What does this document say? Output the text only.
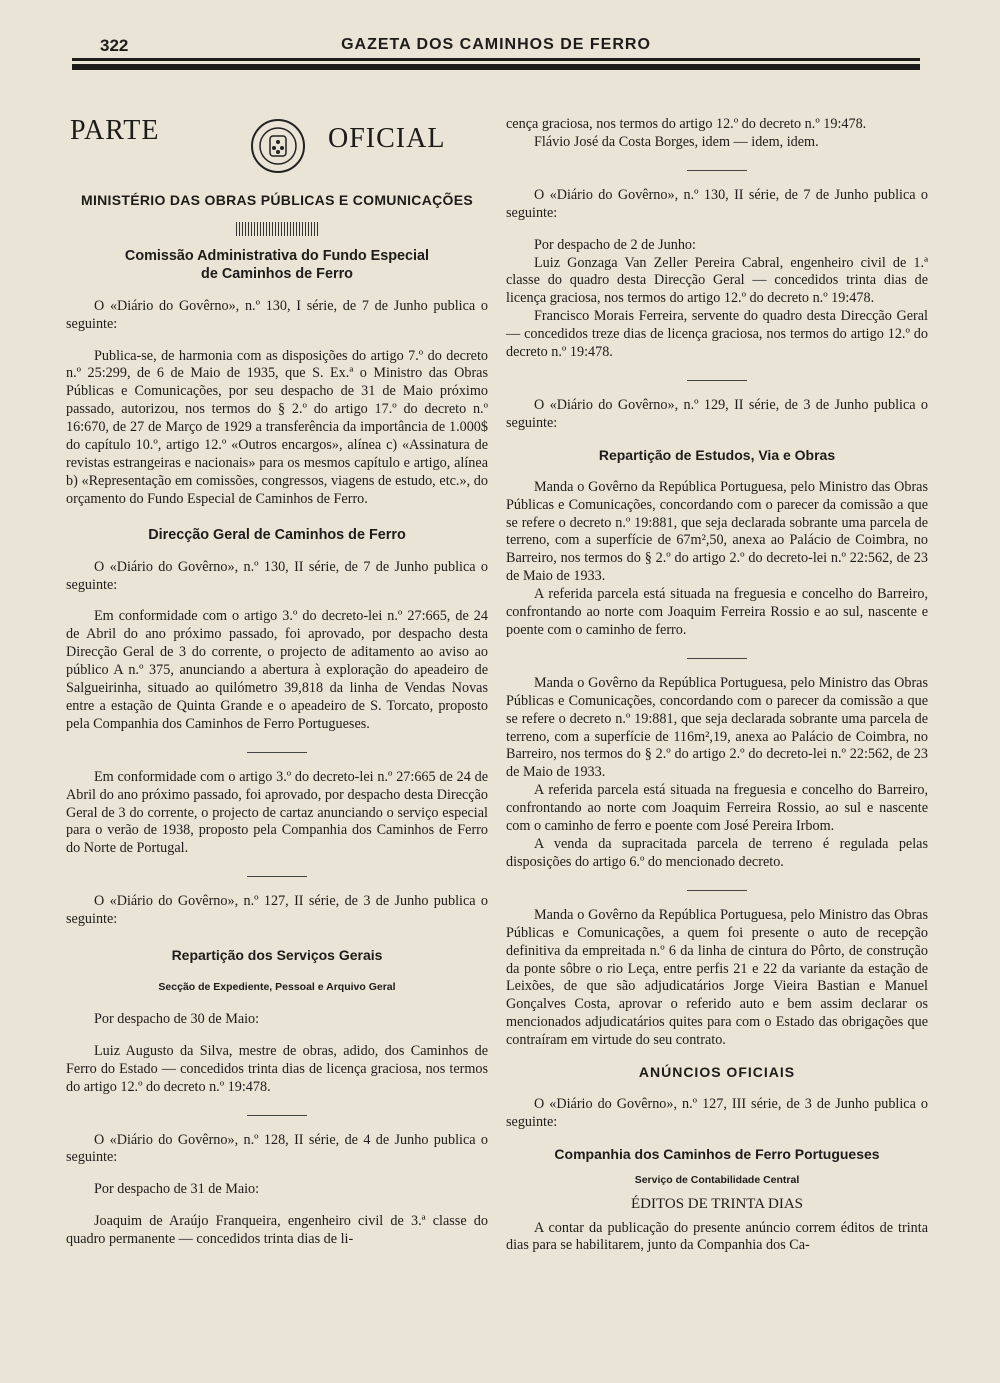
322	GAZETA DOS CAMINHOS DE FERRO
PARTE	OFICIAL
MINISTÉRIO DAS OBRAS PÚBLICAS E COMUNICAÇÕES
Comissão Administrativa do Fundo Especial
de Caminhos de Ferro

O «Diário do Govêrno», n.º 130, I série, de 7 de Junho publica o seguinte:

Publica-se, de harmonia com as disposições do artigo 7.º do decreto n.º 25:299, de 6 de Maio de 1935, que S. Ex.ª o Ministro das Obras Públicas e Comunicações, por seu despacho de 31 de Maio próximo passado, autorizou, nos termos do § 2.º do artigo 17.º do decreto n.º 16:670, de 27 de Março de 1929 a transferência da importância de 1.000$ do capítulo 10.º, artigo 12.º «Outros encargos», alínea c) «Assinatura de revistas estrangeiras e nacionais» para os mesmos capítulo e artigo, alínea b) «Representação em comissões, congressos, viagens de estudo, etc.», do orçamento do Fundo Especial de Caminhos de Ferro.

Direcção Geral de Caminhos de Ferro

O «Diário do Govêrno», n.º 130, II série, de 7 de Junho publica o seguinte:

Em conformidade com o artigo 3.º do decreto-lei n.º 27:665, de 24 de Abril do ano próximo passado, foi aprovado, por despacho desta Direcção Geral de 3 do corrente, o projecto de aditamento ao aviso ao público A n.º 375, anunciando a abertura à exploração do apeadeiro de Salgueirinha, situado ao quilómetro 39,818 da linha de Vendas Novas entre a estação de Quinta Grande e o apeadeiro de S. Torcato, proposto pela Companhia dos Caminhos de Ferro Portugueses.

Em conformidade com o artigo 3.º do decreto-lei n.º 27:665 de 24 de Abril do ano próximo passado, foi aprovado, por despacho desta Direcção Geral de 3 do corrente, o projecto de cartaz anunciando o serviço especial para o verão de 1938, proposto pela Companhia dos Caminhos de Ferro do Norte de Portugal.

O «Diário do Govêrno», n.º 127, II série, de 3 de Junho publica o seguinte:

Repartição dos Serviços Gerais
Secção de Expediente, Pessoal e Arquivo Geral

Por despacho de 30 de Maio:

Luiz Augusto da Silva, mestre de obras, adido, dos Caminhos de Ferro do Estado — concedidos trinta dias de licença graciosa, nos termos do artigo 12.º do decreto n.º 19:478.

O «Diário do Govêrno», n.º 128, II série, de 4 de Junho publica o seguinte:

Por despacho de 31 de Maio:

Joaquim de Araújo Franqueira, engenheiro civil de 3.ª classe do quadro permanente — concedidos trinta dias de li-

cença graciosa, nos termos do artigo 12.º do decreto n.º 19:478.

Flávio José da Costa Borges, idem — idem, idem.

O «Diário do Govêrno», n.º 130, II série, de 7 de Junho publica o seguinte:

Por despacho de 2 de Junho:

Luiz Gonzaga Van Zeller Pereira Cabral, engenheiro civil de 1.ª classe do quadro desta Direcção Geral — concedidos trinta dias de licença graciosa, nos termos do artigo 12.º do decreto n.º 19:478.

Francisco Morais Ferreira, servente do quadro desta Direcção Geral — concedidos treze dias de licença graciosa, nos termos do artigo 12.º do decreto n.º 19:478.

O «Diário do Govêrno», n.º 129, II série, de 3 de Junho publica o seguinte:

Repartição de Estudos, Via e Obras

Manda o Govêrno da República Portuguesa, pelo Ministro das Obras Públicas e Comunicações, concordando com o parecer da comissão a que se refere o decreto n.º 19:881, que seja declarada sobrante uma parcela de terreno, com a superfície de 67m²,50, anexa ao Palácio de Coimbra, no Barreiro, nos termos do § 2.º do artigo 2.º do decreto-lei n.º 22:562, de 23 de Maio de 1933.

A referida parcela está situada na freguesia e concelho do Barreiro, confrontando ao norte com Joaquim Ferreira Rossio e ao sul, nascente e poente com o caminho de ferro.

Manda o Govêrno da República Portuguesa, pelo Ministro das Obras Públicas e Comunicações, concordando com o parecer da comissão a que se refere o decreto n.º 19:881, que seja declarada sobrante uma parcela de terreno, com a superfície de 116m²,19, anexa ao Palácio de Coimbra, no Barreiro, nos termos do § 2.º do artigo 2.º do decreto-lei n.º 22:562, de 23 de Maio de 1933.

A referida parcela está situada na freguesia e concelho do Barreiro, confrontando ao norte com Joaquim Ferreira Rossio, ao sul e nascente com o caminho de ferro e poente com José Pereira Irbom.

A venda da supracitada parcela de terreno é regulada pelas disposições do artigo 6.º do mencionado decreto.

Manda o Govêrno da República Portuguesa, pelo Ministro das Obras Públicas e Comunicações, a quem foi presente o auto de recepção definitiva da empreitada n.º 6 da linha de cintura do Pôrto, de construção da ponte sôbre o rio Leça, entre perfis 21 e 22 da variante da estação de Leixões, de que são adjudicatários Jorge Vieira Bastian e Manuel Gonçalves Costa, aprovar o referido auto e bem assim declarar os mencionados adjudicatários quites para com o Estado das obrigações que contraíram em virtude do seu contrato.

ANÚNCIOS OFICIAIS

O «Diário do Govêrno», n.º 127, III série, de 3 de Junho publica o seguinte:

Companhia dos Caminhos de Ferro Portugueses
Serviço de Contabilidade Central
ÉDITOS DE TRINTA DIAS

A contar da publicação do presente anúncio correm éditos de trinta dias para se habilitarem, junto da Companhia dos Ca-
